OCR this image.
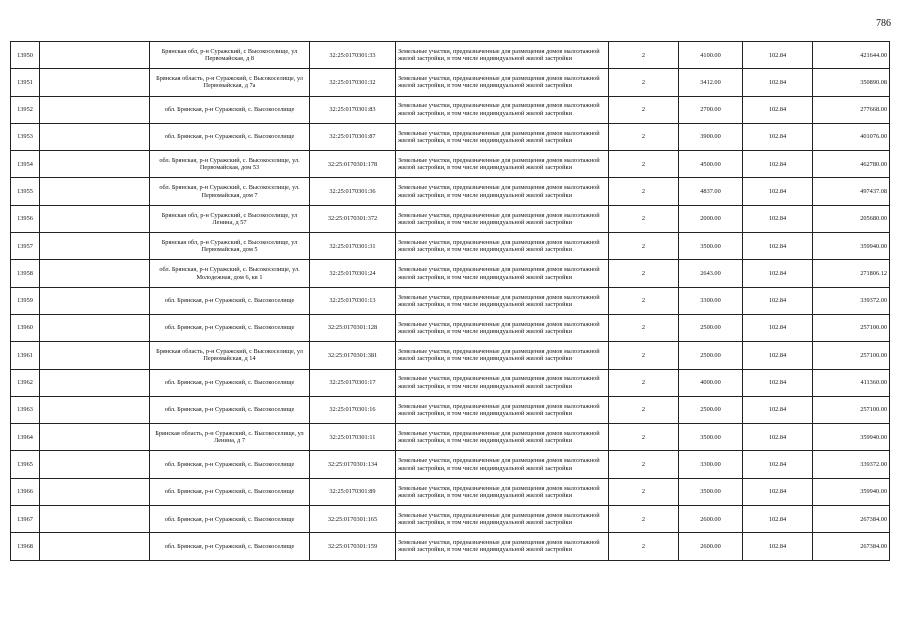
786
13950		Брянская обл, р-н Суражский, с Высокоселище, ул Первомайская, д 8	32:25:0170301:33	Земельные участки, предназначенные для размещения домов малоэтажной жилой застройки, в том числе индивидуальной жилой застройки	2	4100.00	102.84	421644.00
13951		Брянская область, р-н Суражский, с Высокоселище, ул Первомайская, д 7а	32:25:0170301:32	Земельные участки, предназначенные для размещения домов малоэтажной жилой застройки, в том числе индивидуальной жилой застройки	2	3412.00	102.84	350890.08
13952		обл. Брянская, р-н Суражский, с. Высокоселище	32:25:0170301:83	Земельные участки, предназначенные для размещения домов малоэтажной жилой застройки, в том числе индивидуальной жилой застройки	2	2700.00	102.84	277668.00
13953		обл. Брянская, р-н Суражский, с. Высокоселище	32:25:0170301:87	Земельные участки, предназначенные для размещения домов малоэтажной жилой застройки, в том числе индивидуальной жилой застройки	2	3900.00	102.84	401076.00
13954		обл. Брянская, р-н Суражский, с. Высокоселище, ул. Первомайская, дом 53	32:25:0170301:178	Земельные участки, предназначенные для размещения домов малоэтажной жилой застройки, в том числе индивидуальной жилой застройки	2	4500.00	102.84	462780.00
13955		обл. Брянская, р-н Суражский, с. Высокоселище, ул. Первомайская, дом 7	32:25:0170301:36	Земельные участки, предназначенные для размещения домов малоэтажной жилой застройки, в том числе индивидуальной жилой застройки	2	4837.00	102.84	497437.08
13956		Брянская обл, р-н Суражский, с Высокоселище, ул Ленина, д 57	32:25:0170301:372	Земельные участки, предназначенные для размещения домов малоэтажной жилой застройки, в том числе индивидуальной жилой застройки	2	2000.00	102.84	205680.00
13957		Брянская обл, р-н Суражский, с Высокоселище, ул Первомайская, дом 5	32:25:0170301:31	Земельные участки, предназначенные для размещения домов малоэтажной жилой застройки, в том числе индивидуальной жилой застройки	2	3500.00	102.84	359940.00
13958		обл. Брянская, р-н Суражский, с. Высокоселище, ул. Молодежная, дом 6, кв 1	32:25:0170301:24	Земельные участки, предназначенные для размещения домов малоэтажной жилой застройки, в том числе индивидуальной жилой застройки	2	2643.00	102.84	271806.12
13959		обл. Брянская, р-н Суражский, с. Высокоселище	32:25:0170301:13	Земельные участки, предназначенные для размещения домов малоэтажной жилой застройки, в том числе индивидуальной жилой застройки	2	3300.00	102.84	339372.00
13960		обл. Брянская, р-н Суражский, с. Высокоселище	32:25:0170301:128	Земельные участки, предназначенные для размещения домов малоэтажной жилой застройки, в том числе индивидуальной жилой застройки	2	2500.00	102.84	257100.00
13961		Брянская область, р-н Суражский, с Высокоселище, ул Первомайская, д 14	32:25:0170301:381	Земельные участки, предназначенные для размещения домов малоэтажной жилой застройки, в том числе индивидуальной жилой застройки	2	2500.00	102.84	257100.00
13962		обл. Брянская, р-н Суражский, с. Высокоселище	32:25:0170301:17	Земельные участки, предназначенные для размещения домов малоэтажной жилой застройки, в том числе индивидуальной жилой застройки	2	4000.00	102.84	411360.00
13963		обл. Брянская, р-н Суражский, с. Высокоселище	32:25:0170301:16	Земельные участки, предназначенные для размещения домов малоэтажной жилой застройки, в том числе индивидуальной жилой застройки	2	2500.00	102.84	257100.00
13964		Брянская область, р-н Суражский, с. Высокоселище, ул Ленина, д 7	32:25:0170301:11	Земельные участки, предназначенные для размещения домов малоэтажной жилой застройки, в том числе индивидуальной жилой застройки	2	3500.00	102.84	359940.00
13965		обл. Брянская, р-н Суражский, с. Высокоселище	32:25:0170301:134	Земельные участки, предназначенные для размещения домов малоэтажной жилой застройки, в том числе индивидуальной жилой застройки	2	3300.00	102.84	339372.00
13966		обл. Брянская, р-н Суражский, с. Высокоселище	32:25:0170301:89	Земельные участки, предназначенные для размещения домов малоэтажной жилой застройки, в том числе индивидуальной жилой застройки	2	3500.00	102.84	359940.00
13967		обл. Брянская, р-н Суражский, с. Высокоселище	32:25:0170301:165	Земельные участки, предназначенные для размещения домов малоэтажной жилой застройки, в том числе индивидуальной жилой застройки	2	2600.00	102.84	267384.00
13968		обл. Брянская, р-н Суражский, с. Высокоселище	32:25:0170301:159	Земельные участки, предназначенные для размещения домов малоэтажной жилой застройки, в том числе индивидуальной жилой застройки	2	2600.00	102.84	267384.00
